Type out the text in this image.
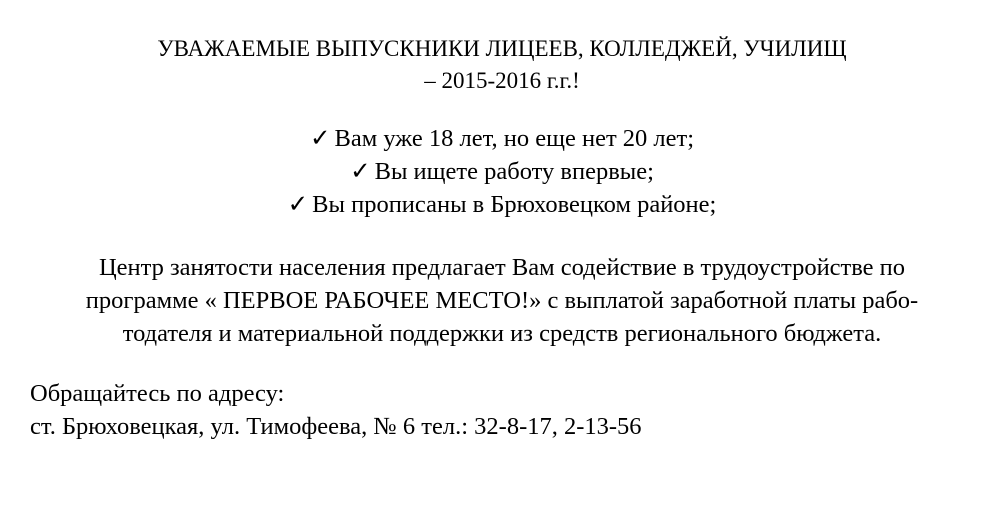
УВАЖАЕМЫЕ ВЫПУСКНИКИ ЛИЦЕЕВ, КОЛЛЕДЖЕЙ, УЧИЛИЩ
– 2015-2016 г.г.!
✓ Вам уже 18 лет, но еще нет 20 лет;
✓ Вы ищете работу впервые;
✓ Вы прописаны в Брюховецком районе;
Центр занятости населения предлагает Вам содействие в трудоустройстве по
программе « ПЕРВОЕ РАБОЧЕЕ МЕСТО!» с выплатой заработной платы рабо-
тодателя и материальной поддержки из средств регионального бюджета.
Обращайтесь по адресу:
ст. Брюховецкая, ул. Тимофеева, № 6 тел.: 32-8-17, 2-13-56
